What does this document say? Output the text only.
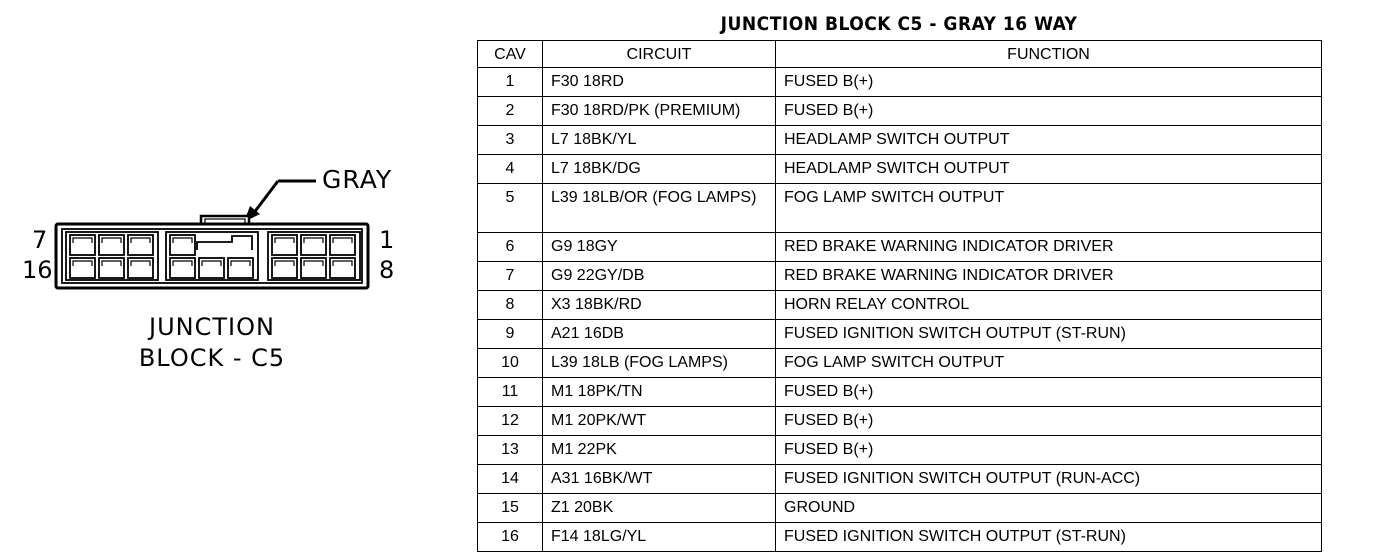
GRAY
7
16
1
8
JUNCTION
BLOCK - C5
JUNCTION BLOCK C5 - GRAY 16 WAY
CAV	CIRCUIT	FUNCTION
1	F30 18RD	FUSED B(+)
2	F30 18RD/PK (PREMIUM)	FUSED B(+)
3	L7 18BK/YL	HEADLAMP SWITCH OUTPUT
4	L7 18BK/DG	HEADLAMP SWITCH OUTPUT
5	L39 18LB/OR (FOG LAMPS)	FOG LAMP SWITCH OUTPUT
6	G9 18GY	RED BRAKE WARNING INDICATOR DRIVER
7	G9 22GY/DB	RED BRAKE WARNING INDICATOR DRIVER
8	X3 18BK/RD	HORN RELAY CONTROL
9	A21 16DB	FUSED IGNITION SWITCH OUTPUT (ST-RUN)
10	L39 18LB (FOG LAMPS)	FOG LAMP SWITCH OUTPUT
11	M1 18PK/TN	FUSED B(+)
12	M1 20PK/WT	FUSED B(+)
13	M1 22PK	FUSED B(+)
14	A31 16BK/WT	FUSED IGNITION SWITCH OUTPUT (RUN-ACC)
15	Z1 20BK	GROUND
16	F14 18LG/YL	FUSED IGNITION SWITCH OUTPUT (ST-RUN)
